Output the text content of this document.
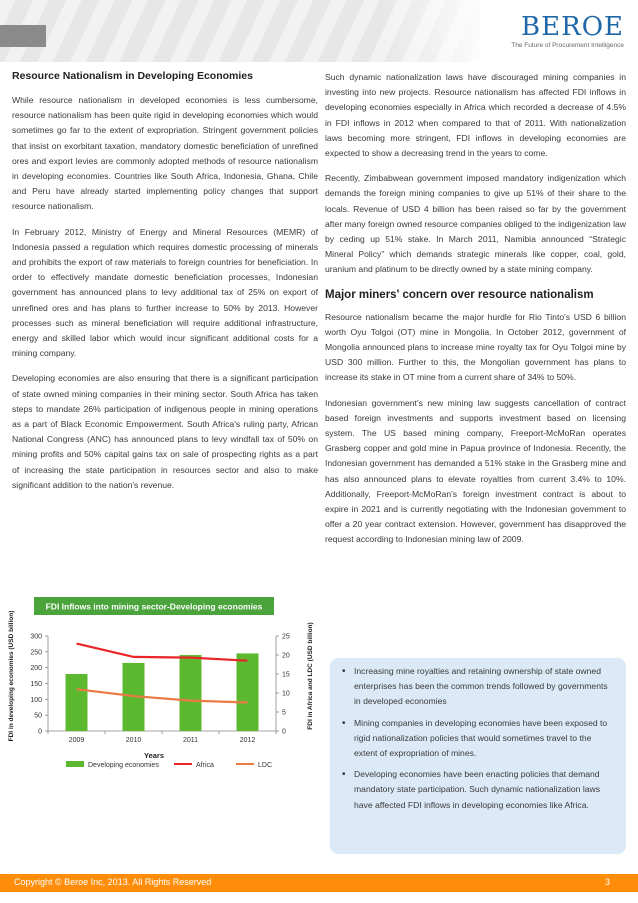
BEROE
The Future of Procurement Intelligence
Resource Nationalism in Developing Economies

While resource nationalism in developed economies is less cumbersome, resource nationalism has been quite rigid in developing economies which would sometimes go far to the extent of expropriation. Stringent government policies that insist on exorbitant taxation, mandatory domestic beneficiation of unrefined ores and export levies are commonly adopted methods of resource nationalism in developing economies. Countries like South Africa, Indonesia, Ghana, Chile and Peru have already started implementing policy changes that support resource nationalism.

In February 2012, Ministry of Energy and Mineral Resources (MEMR) of Indonesia passed a regulation which requires domestic processing of minerals and prohibits the export of raw materials to foreign countries for beneficiation. In order to effectively mandate domestic beneficiation processes, Indonesian government has announced plans to levy additional tax of 25% on export of unrefined ores and has plans to further increase to 50% by 2013. However processes such as mineral beneficiation will require additional infrastructure, energy and skilled labor which would incur significant additional costs for a mining company.

Developing economies are also ensuring that there is a significant participation of state owned mining companies in their mining sector. South Africa has taken steps to mandate 26% participation of indigenous people in mining operations as a part of Black Economic Empowerment. South Africa's ruling party, African National Congress (ANC) has announced plans to levy windfall tax of 50% on mining profits and 50% capital gains tax on sale of prospecting rights as a part of increasing the state participation in resources sector and also to make significant addition to the nation's revenue.

FDI Inflows into mining sector-Developing economies
FDI in developing economies (USD billion)	FDI in Africa and LDC (USD billion)
Years
0
50
100
150
200
250
300
0
5
10
15
20
25
2009	2010	2011	2012
Developing economies	Africa	LDC

Such dynamic nationalization laws have discouraged mining companies in investing into new projects. Resource nationalism has affected FDI inflows in developing economies especially in Africa which recorded a decrease of 4.5% in FDI inflows in 2012 when compared to that of 2011. With nationalization laws becoming more stringent, FDI inflows in developing economies are expected to show a decreasing trend in the years to come.

Recently, Zimbabwean government imposed mandatory indigenization which demands the foreign mining companies to give up 51% of their share to the locals. Revenue of USD 4 billion has been raised so far by the government after many foreign owned resource companies obliged to the indigenization law by ceding up 51% stake. In March 2011, Namibia announced “Strategic Mineral Policy” which demands strategic minerals like copper, coal, gold, uranium and platinum to be directly owned by a state mining company.

Major miners' concern over resource nationalism

Resource nationalism became the major hurdle for Rio Tinto's USD 6 billion worth Oyu Tolgoi (OT) mine in Mongolia. In October 2012, government of Mongolia announced plans to increase mine royalty tax for Oyu Tolgoi mine by USD 300 million. Further to this, the Mongolian government has plans to increase its stake in OT mine from a current share of 34% to 50%.

Indonesian government's new mining law suggests cancellation of contract based foreign investments and supports investment based on licensing system. The US based mining company, Freeport-McMoRan operates Grasberg copper and gold mine in Papua province of Indonesia. Recently, the Indonesian government has demanded a 51% stake in the Grasberg mine and has also announced plans to elevate royalties from current 3.4% to 10%. Additionally, Freeport-McMoRan's foreign investment contract is about to expire in 2021 and is currently negotiating with the Indonesian government to offer a 20 year contract extension. However, government has disapproved the request according to Indonesian mining law of 2009.

• Increasing mine royalties and retaining ownership of state owned enterprises has been the common trends followed by governments in developed economies
• Mining companies in developing economies have been exposed to rigid nationalization policies that would sometimes travel to the extent of expropriation of mines.
• Developing economies have been enacting policies that demand mandatory state participation. Such dynamic nationalization laws have affected FDI inflows in developing economies like Africa.
Copyright © Beroe Inc, 2013. All Rights Reserved	3
